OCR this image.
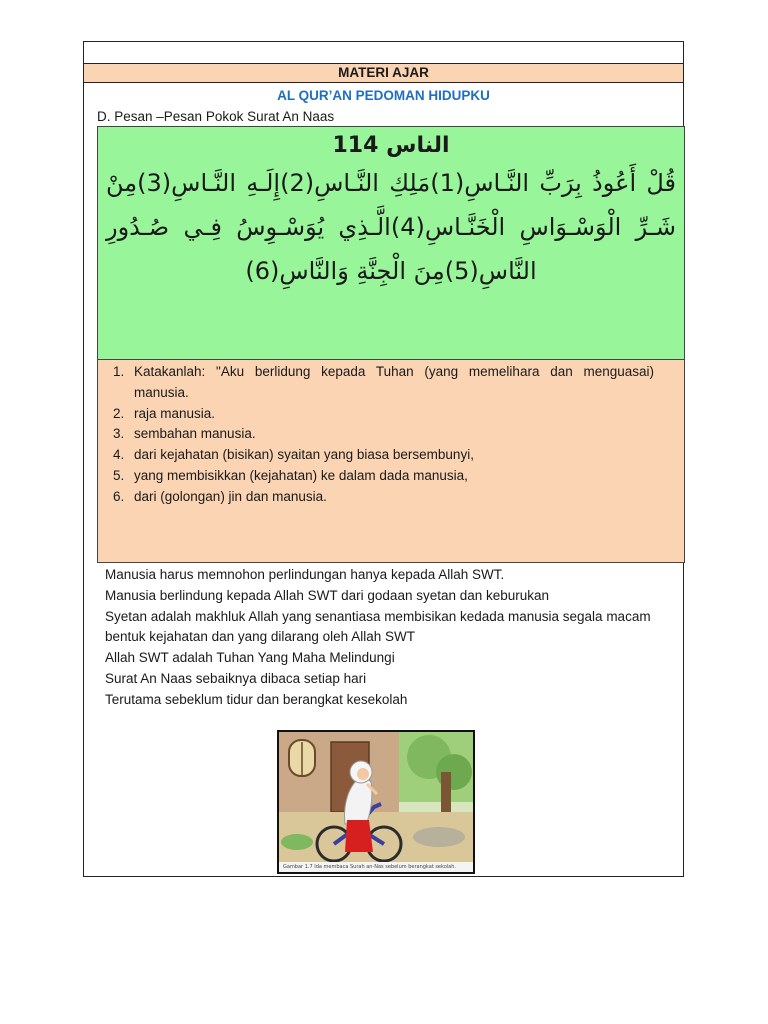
MATERI AJAR
AL QUR’AN PEDOMAN HIDUPKU
D. Pesan –Pesan Pokok Surat An Naas
الناس 114
قُلْ أَعُوذُ بِرَبِّ النَّـاسِ(1)مَلِكِ النَّـاسِ(2)إِلَـهِ النَّـاسِ(3)مِنْ شَـرِّ الْوَسْـوَاسِ الْخَنَّـاسِ(4)الَّـذِي يُوَسْـوِسُ فِـي صُـدُورِ النَّاسِ(5)مِنَ الْجِنَّةِ وَالنَّاسِ(6)
1. Katakanlah: "Aku berlidung kepada Tuhan (yang memelihara dan menguasai) manusia.
2. raja manusia.
3. sembahan manusia.
4. dari kejahatan (bisikan) syaitan yang biasa bersembunyi,
5. yang membisikkan (kejahatan) ke dalam dada manusia,
6. dari (golongan) jin dan manusia.
Manusia harus memnohon perlindungan hanya kepada Allah SWT.
Manusia berlindung kepada Allah SWT dari godaan syetan dan keburukan
Syetan adalah makhluk Allah yang senantiasa membisikan kedada manusia segala macam bentuk kejahatan dan yang dilarang oleh Allah SWT
Allah SWT adalah Tuhan Yang Maha Melindungi
Surat An Naas sebaiknya dibaca setiap hari
Terutama sebeklum tidur dan berangkat kesekolah
Gambar 1.7 Ida membaca Surah an-Nas sebelum berangkat sekolah.
